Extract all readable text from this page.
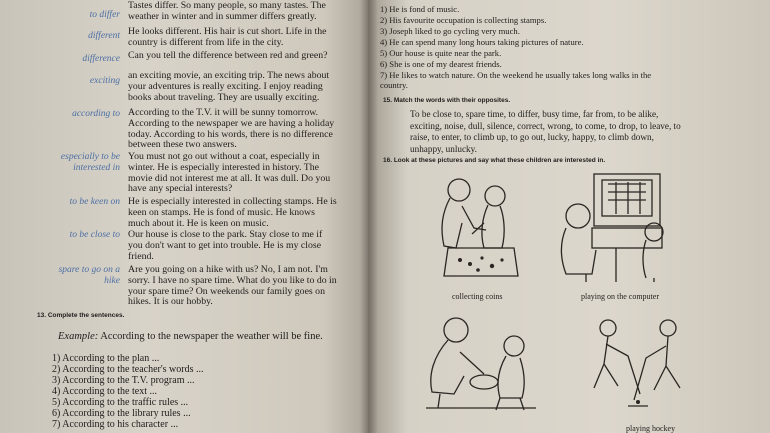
to differ
Tastes differ. So many people, so many tastes. The weather in winter and in summer differs greatly.
different He looks different. His hair is cut short. Life in the country is different from life in the city.
difference Can you tell the difference between red and green?
exciting an exciting movie, an exciting trip. The news about your adventures is really exciting. I enjoy reading books about traveling. They are usually exciting.
according to According to the T.V. it will be sunny tomorrow. According to the newspaper we are having a holiday today. According to his words, there is no difference between these two answers.
especially to be interested in
You must not go out without a coat, especially in winter. He is especially interested in history. The movie did not interest me at all. It was dull. Do you have any special interests?
to be keen on He is especially interested in collecting stamps. He is keen on stamps. He is fond of music. He knows much about it. He is keen on music.
to be close to Our house is close to the park. Stay close to me if you don't want to get into trouble. He is my close friend.
spare to go on a hike
Are you going on a hike with us? No, I am not. I'm sorry. I have no spare time. What do you like to do in your spare time? On weekends our family goes on hikes. It is our hobby.
13. Complete the sentences.
Example: According to the newspaper the weather will be fine.
1) According to the plan ...
2) According to the teacher's words ...
3) According to the T.V. program ...
4) According to the text ...
5) According to the traffic rules ...
6) According to the library rules ...
7) According to his character ...
1) He is fond of music.
2) His favourite occupation is collecting stamps.
3) Joseph liked to go cycling very much.
4) He can spend many long hours taking pictures of nature.
5) Our house is quite near the park.
6) She is one of my dearest friends.
7) He likes to watch nature. On the weekend he usually takes long walks in the country.
15. Match the words with their opposites.
To be close to, spare time, to differ, busy time, far from, to be alike, exciting, noise, dull, silence, correct, wrong, to come, to drop, to leave, to raise, to enter, to climb up, to go out, lucky, happy, to climb down, unhappy, unlucky.
16. Look at these pictures and say what these children are interested in.
collecting coins	playing on the computer
playing hockey
